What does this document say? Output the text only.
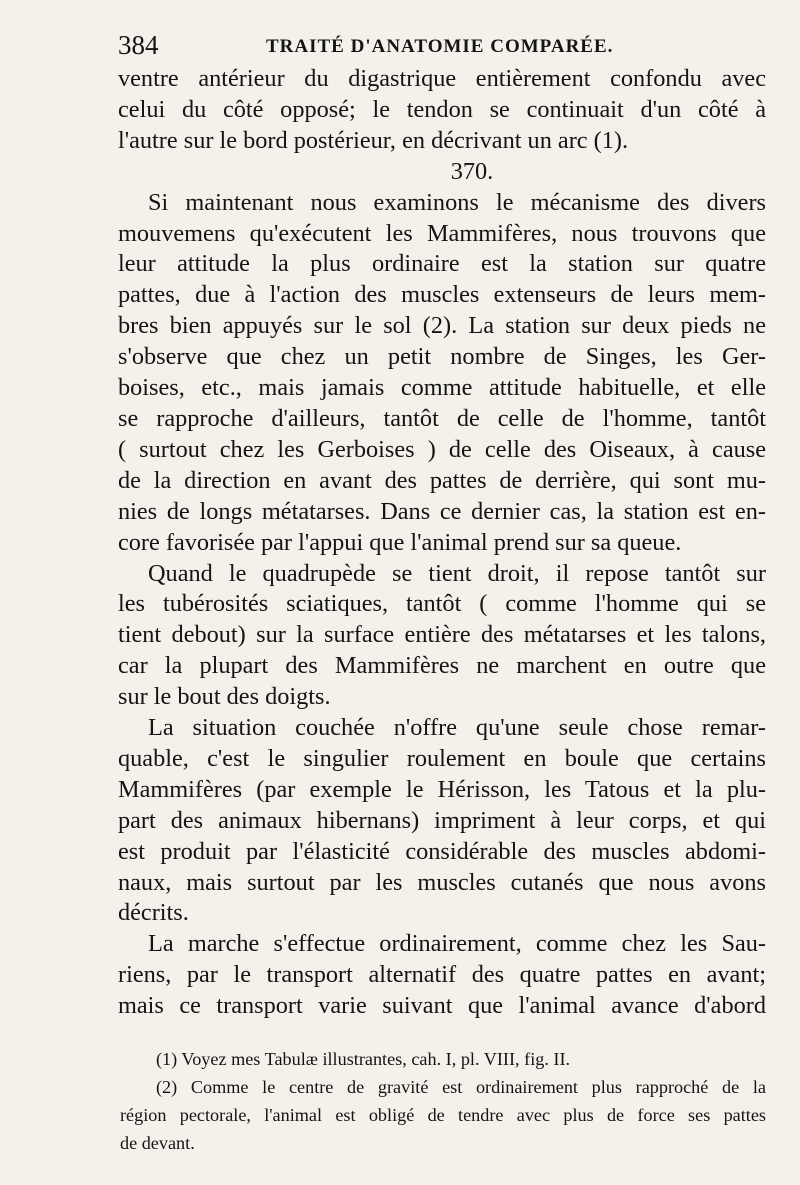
384	TRAITÉ D'ANATOMIE COMPARÉE.
ventre antérieur du digastrique entièrement confondu avec
celui du côté opposé; le tendon se continuait d'un côté à
l'autre sur le bord postérieur, en décrivant un arc (1).
370.
Si maintenant nous examinons le mécanisme des divers
mouvemens qu'exécutent les Mammifères, nous trouvons que
leur attitude la plus ordinaire est la station sur quatre
pattes, due à l'action des muscles extenseurs de leurs mem-
bres bien appuyés sur le sol (2). La station sur deux pieds ne
s'observe que chez un petit nombre de Singes, les Ger-
boises, etc., mais jamais comme attitude habituelle, et elle
se rapproche d'ailleurs, tantôt de celle de l'homme, tantôt
( surtout chez les Gerboises ) de celle des Oiseaux, à cause
de la direction en avant des pattes de derrière, qui sont mu-
nies de longs métatarses. Dans ce dernier cas, la station est en-
core favorisée par l'appui que l'animal prend sur sa queue.
Quand le quadrupède se tient droit, il repose tantôt sur
les tubérosités sciatiques, tantôt ( comme l'homme qui se
tient debout) sur la surface entière des métatarses et les talons,
car la plupart des Mammifères ne marchent en outre que
sur le bout des doigts.
La situation couchée n'offre qu'une seule chose remar-
quable, c'est le singulier roulement en boule que certains
Mammifères (par exemple le Hérisson, les Tatous et la plu-
part des animaux hibernans) impriment à leur corps, et qui
est produit par l'élasticité considérable des muscles abdomi-
naux, mais surtout par les muscles cutanés que nous avons
décrits.
La marche s'effectue ordinairement, comme chez les Sau-
riens, par le transport alternatif des quatre pattes en avant;
mais ce transport varie suivant que l'animal avance d'abord
(1) Voyez mes Tabulæ illustrantes, cah. I, pl. VIII, fig. II.
(2) Comme le centre de gravité est ordinairement plus rapproché de la
région pectorale, l'animal est obligé de tendre avec plus de force ses pattes
de devant.
